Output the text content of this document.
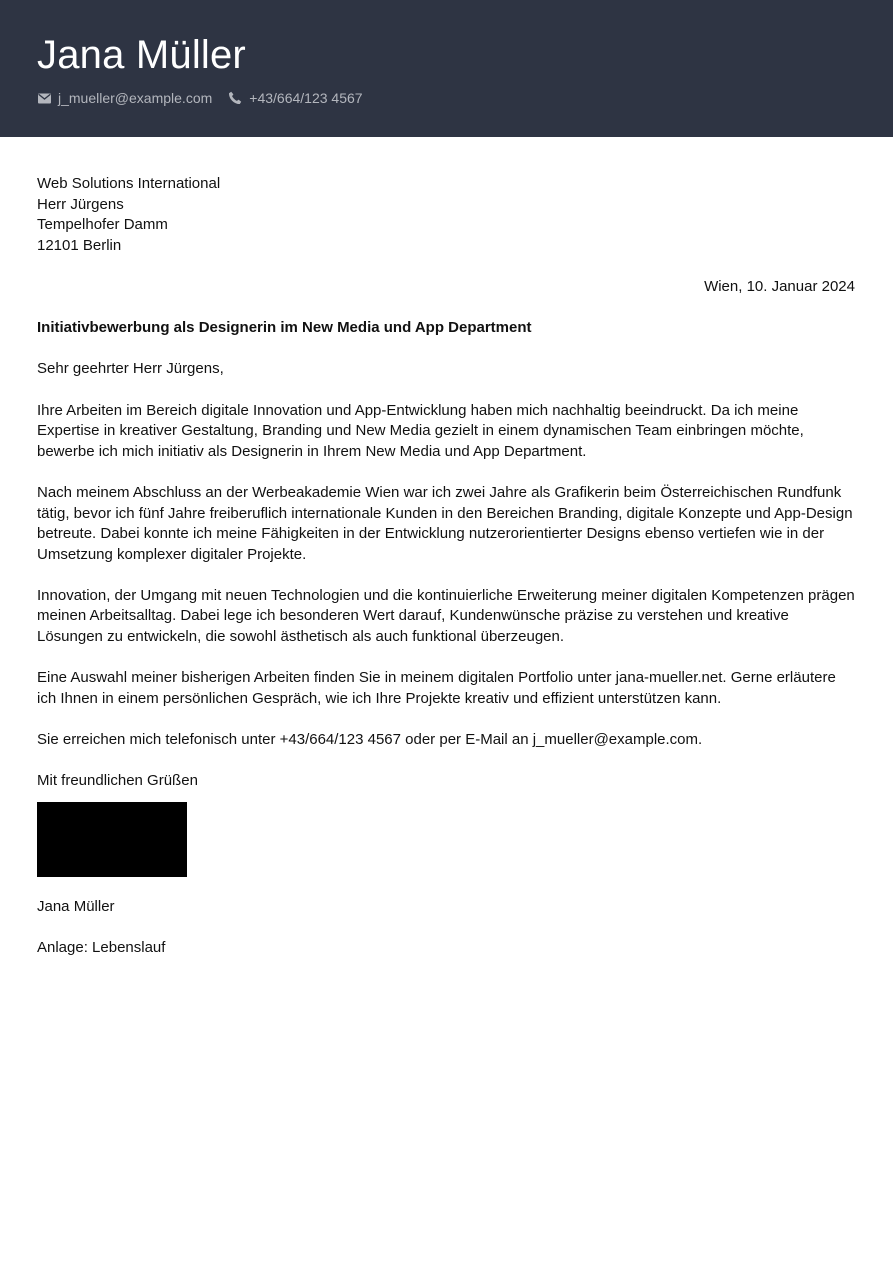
Jana Müller
j_mueller@example.com	+43/664/123 4567
Web Solutions International
Herr Jürgens
Tempelhofer Damm
12101 Berlin
Wien, 10. Januar 2024
Initiativbewerbung als Designerin im New Media und App Department
Sehr geehrter Herr Jürgens,

Ihre Arbeiten im Bereich digitale Innovation und App-Entwicklung haben mich nachhaltig beeindruckt. Da ich meine Expertise in kreativer Gestaltung, Branding und New Media gezielt in einem dynamischen Team einbringen möchte, bewerbe ich mich initiativ als Designerin in Ihrem New Media und App Department.

Nach meinem Abschluss an der Werbeakademie Wien war ich zwei Jahre als Grafikerin beim Österreichischen Rundfunk tätig, bevor ich fünf Jahre freiberuflich internationale Kunden in den Bereichen Branding, digitale Konzepte und App-Design betreute. Dabei konnte ich meine Fähigkeiten in der Entwicklung nutzerorientierter Designs ebenso vertiefen wie in der Umsetzung komplexer digitaler Projekte.

Innovation, der Umgang mit neuen Technologien und die kontinuierliche Erweiterung meiner digitalen Kompetenzen prägen meinen Arbeitsalltag. Dabei lege ich besonderen Wert darauf, Kundenwünsche präzise zu verstehen und kreative Lösungen zu entwickeln, die sowohl ästhetisch als auch funktional überzeugen.

Eine Auswahl meiner bisherigen Arbeiten finden Sie in meinem digitalen Portfolio unter jana-mueller.net. Gerne erläutere ich Ihnen in einem persönlichen Gespräch, wie ich Ihre Projekte kreativ und effizient unterstützen kann.

Sie erreichen mich telefonisch unter +43/664/123 4567 oder per E-Mail an j_mueller@example.com.

Mit freundlichen Grüßen
Jana Müller
Anlage: Lebenslauf
